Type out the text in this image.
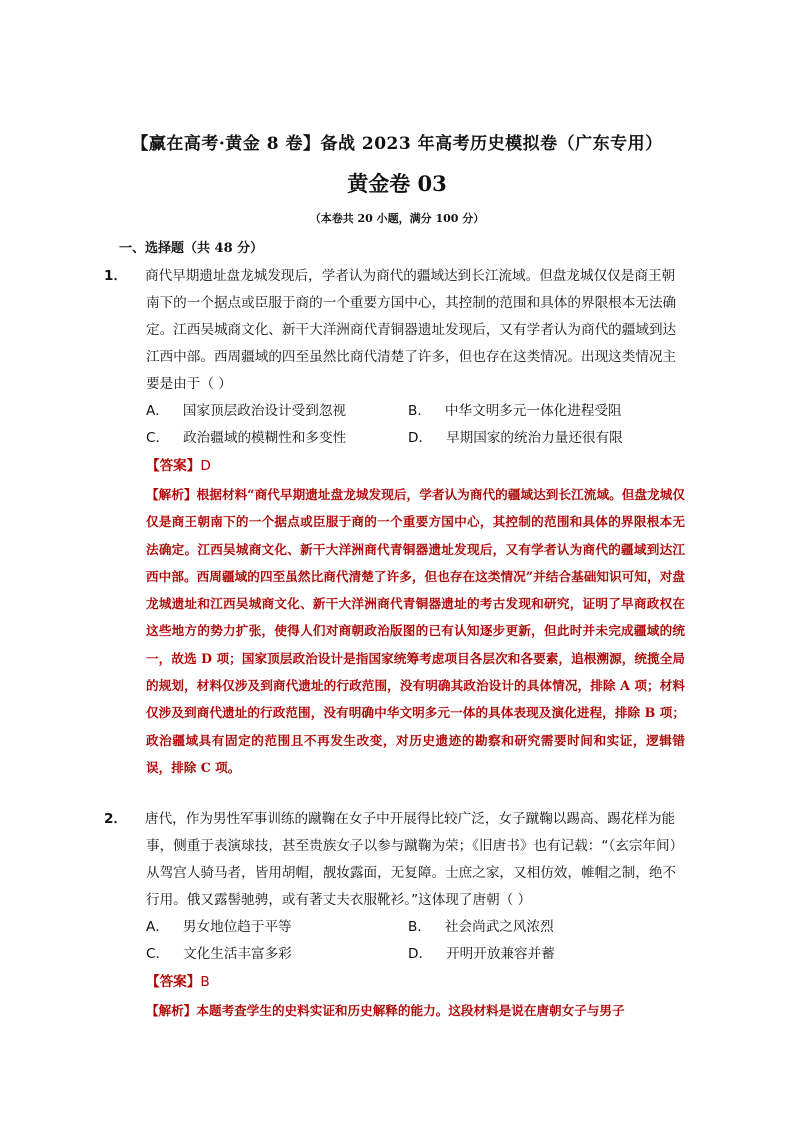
【赢在高考·黄金 8 卷】备战 2023 年高考历史模拟卷（广东专用）
黄金卷 03
（本卷共 20 小题，满分 100 分）
一、选择题（共 48 分）
1． 商代早期遗址盘龙城发现后，学者认为商代的疆域达到长江流域。但盘龙城仅仅是商王朝南下的一个据点或臣服于商的一个重要方国中心，其控制的范围和具体的界限根本无法确定。江西吴城商文化、新干大洋洲商代青铜器遗址发现后，又有学者认为商代的疆域到达江西中部。西周疆域的四至虽然比商代清楚了许多，但也存在这类情况。出现这类情况主要是由于（ ）
A． 国家顶层政治设计受到忽视	B． 中华文明多元一体化进程受阻
C． 政治疆域的模糊性和多变性	D． 早期国家的统治力量还很有限
【答案】D
【解析】根据材料“商代早期遗址盘龙城发现后，学者认为商代的疆域达到长江流域。但盘龙城仅仅是商王朝南下的一个据点或臣服于商的一个重要方国中心，其控制的范围和具体的界限根本无法确定。江西吴城商文化、新干大洋洲商代青铜器遗址发现后，又有学者认为商代的疆域到达江西中部。西周疆域的四至虽然比商代清楚了许多，但也存在这类情况”并结合基础知识可知，对盘龙城遗址和江西吴城商文化、新干大洋洲商代青铜器遗址的考古发现和研究，证明了早商政权在这些地方的势力扩张，使得人们对商朝政治版图的已有认知逐步更新，但此时并未完成疆域的统一，故选 D 项；国家顶层政治设计是指国家统筹考虑项目各层次和各要素，追根溯源，统揽全局的规划，材料仅涉及到商代遗址的行政范围，没有明确其政治设计的具体情况，排除 A 项；材料仅涉及到商代遗址的行政范围，没有明确中华文明多元一体的具体表现及演化进程，排除 B 项；政治疆域具有固定的范围且不再发生改变，对历史遗迹的勘察和研究需要时间和实证，逻辑错误，排除 C 项。
2． 唐代，作为男性军事训练的蹴鞠在女子中开展得比较广泛，女子蹴鞠以踢高、踢花样为能事，侧重于表演球技，甚至贵族女子以参与蹴鞠为荣；《旧唐书》也有记载：“（玄宗年间）从驾宫人骑马者，皆用胡帽，靓妆露面，无复障。士庶之家，又相仿效，帷帽之制，绝不行用。俄又露髻驰骋，或有著丈夫衣服靴衫。”这体现了唐朝（ ）
A． 男女地位趋于平等	B． 社会尚武之风浓烈
C． 文化生活丰富多彩	D． 开明开放兼容并蓄
【答案】B
【解析】本题考查学生的史料实证和历史解释的能力。这段材料是说在唐朝女子与男子
